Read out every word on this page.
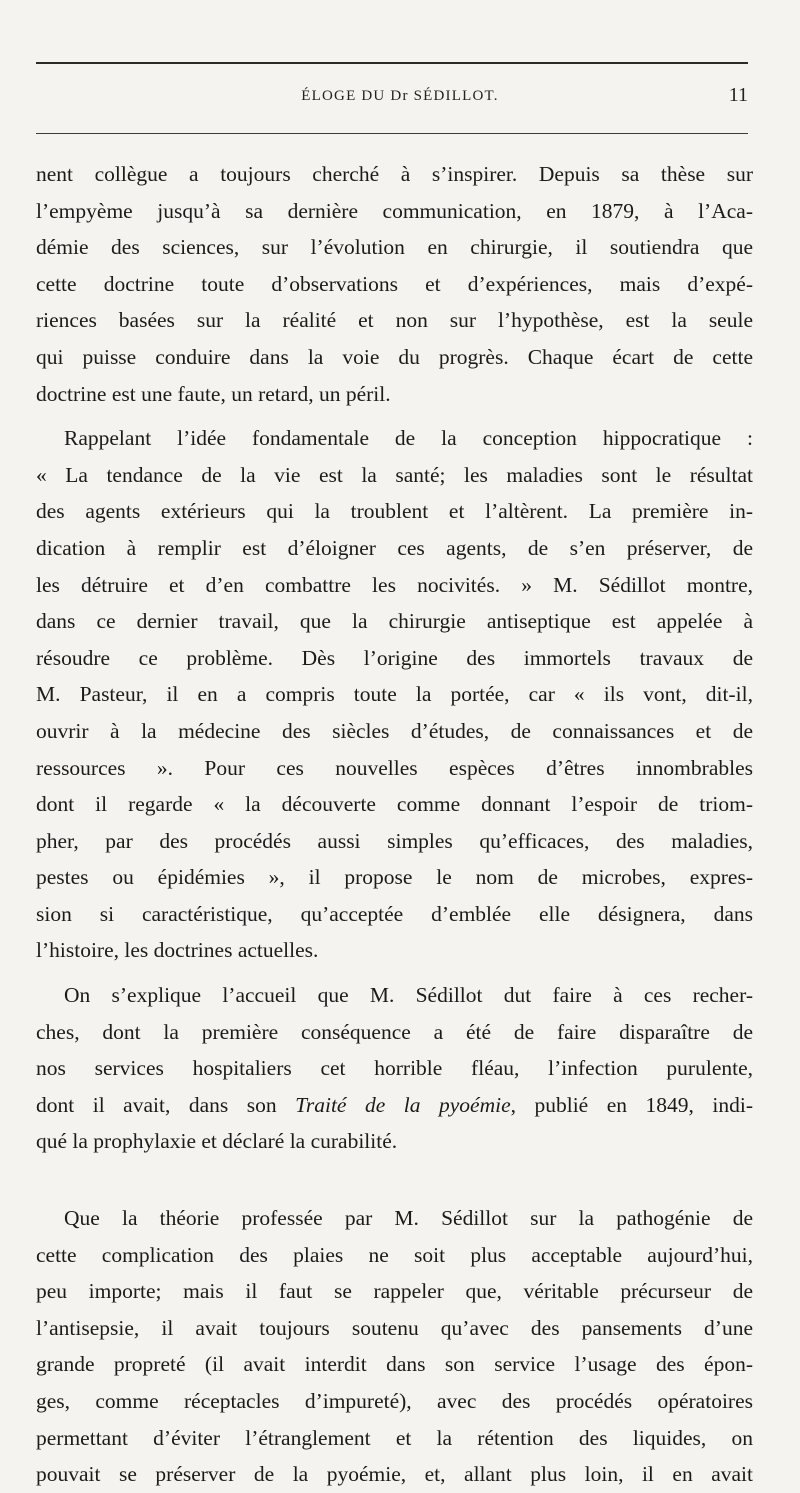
ÉLOGE DU Dr SÉDILLOT.	11
nent collègue a toujours cherché à s’inspirer. Depuis sa thèse sur
l’empyème jusqu’à sa dernière communication, en 1879, à l’Aca-
démie des sciences, sur l’évolution en chirurgie, il soutiendra que
cette doctrine toute d’observations et d’expériences, mais d’expé-
riences basées sur la réalité et non sur l’hypothèse, est la seule
qui puisse conduire dans la voie du progrès. Chaque écart de cette
doctrine est une faute, un retard, un péril.
Rappelant l’idée fondamentale de la conception hippocratique :
« La tendance de la vie est la santé; les maladies sont le résultat
des agents extérieurs qui la troublent et l’altèrent. La première in-
dication à remplir est d’éloigner ces agents, de s’en préserver, de
les détruire et d’en combattre les nocivités. » M. Sédillot montre,
dans ce dernier travail, que la chirurgie antiseptique est appelée à
résoudre ce problème. Dès l’origine des immortels travaux de
M. Pasteur, il en a compris toute la portée, car « ils vont, dit-il,
ouvrir à la médecine des siècles d’études, de connaissances et de
ressources ». Pour ces nouvelles espèces d’êtres innombrables
dont il regarde « la découverte comme donnant l’espoir de triom-
pher, par des procédés aussi simples qu’efficaces, des maladies,
pestes ou épidémies », il propose le nom de microbes, expres-
sion si caractéristique, qu’acceptée d’emblée elle désignera, dans
l’histoire, les doctrines actuelles.
On s’explique l’accueil que M. Sédillot dut faire à ces recher-
ches, dont la première conséquence a été de faire disparaître de
nos services hospitaliers cet horrible fléau, l’infection purulente,
dont il avait, dans son Traité de la pyoémie, publié en 1849, indi-
qué la prophylaxie et déclaré la curabilité.
Que la théorie professée par M. Sédillot sur la pathogénie de
cette complication des plaies ne soit plus acceptable aujourd’hui,
peu importe; mais il faut se rappeler que, véritable précurseur de
l’antisepsie, il avait toujours soutenu qu’avec des pansements d’une
grande propreté (il avait interdit dans son service l’usage des épon-
ges, comme réceptacles d’impureté), avec des procédés opératoires
permettant d’éviter l’étranglement et la rétention des liquides, on
pouvait se préserver de la pyoémie, et, allant plus loin, il en avait
